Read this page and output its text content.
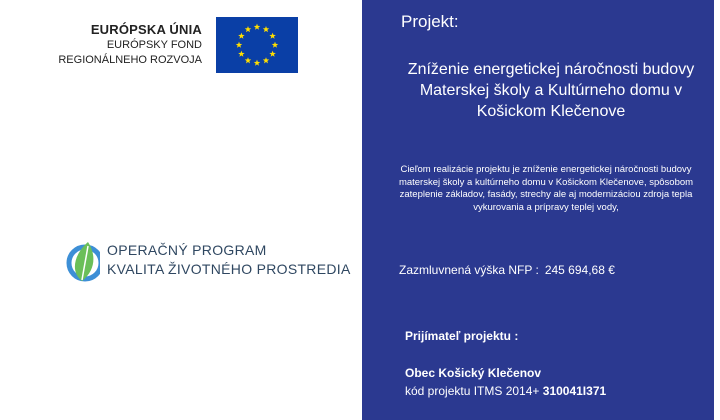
EURÓPSKA ÚNIA
EURÓPSKY FOND
REGIONÁLNEHO ROZVOJA
OPERAČNÝ PROGRAM
KVALITA ŽIVOTNÉHO PROSTREDIA
Projekt:
Zníženie energetickej náročnosti budovy Materskej školy a Kultúrneho domu v Košickom Klečenove
Cieľom realizácie projektu je zníženie energetickej náročnosti budovy materskej školy a kultúrneho domu v Košickom Klečenove, spôsobom zateplenie základov, fasády, strechy ale aj modernizáciou zdroja tepla vykurovania a prípravy teplej vody,
Zazmluvnená výška NFP : 245 694,68 €
Prijímateľ projektu :
Obec Košický Klečenov
kód projektu ITMS 2014+ 310041I371
